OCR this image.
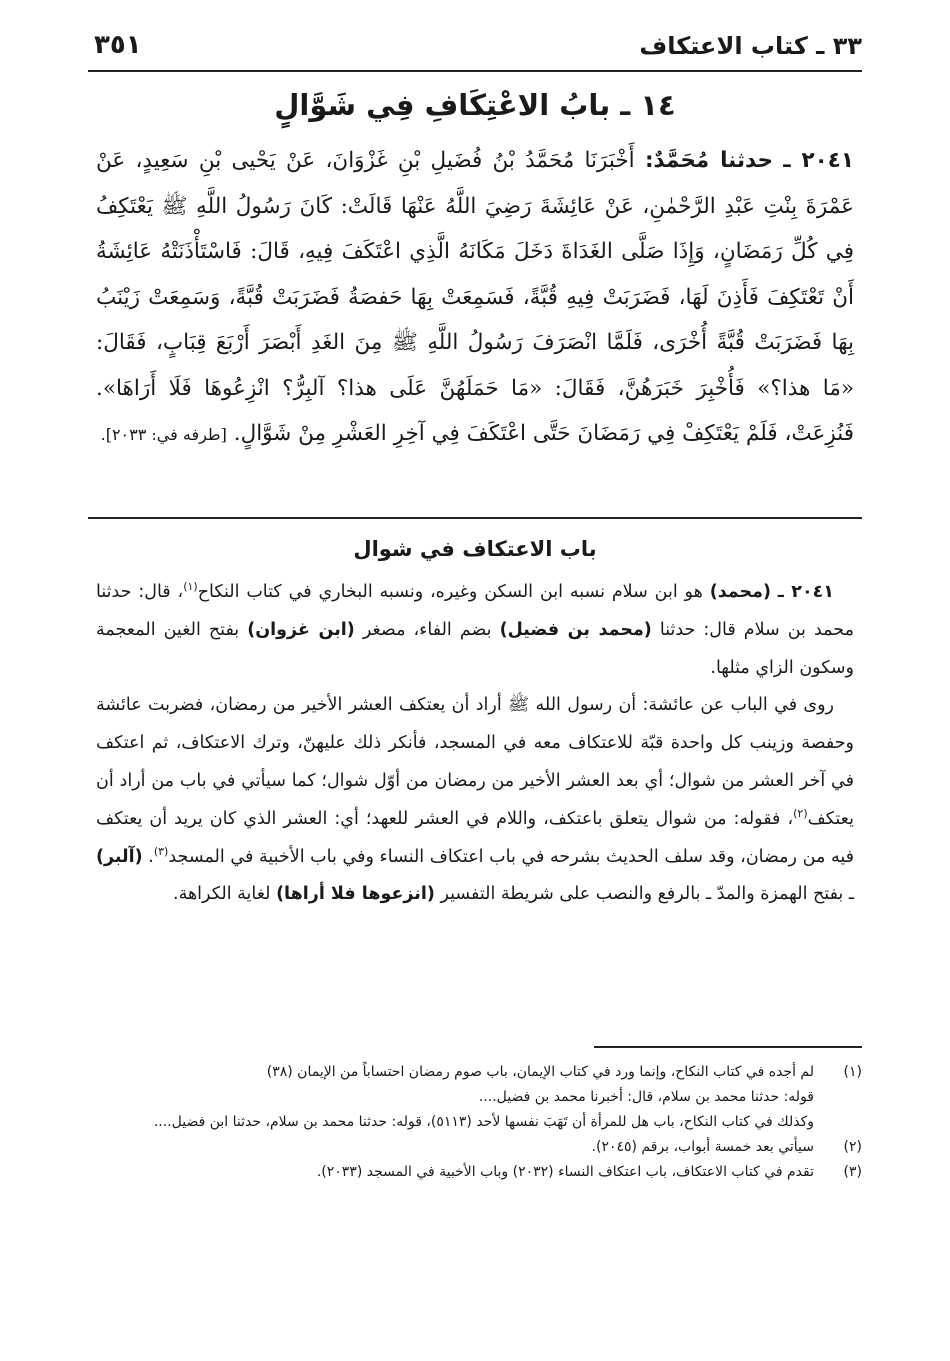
٣٣ ـ كتاب الاعتكاف
٣٥١
١٤ ـ بابُ الاعْتِكَافِ فِي شَوَّالٍ
٢٠٤١ ـ حدثنا مُحَمَّدٌ: أَخْبَرَنَا مُحَمَّدُ بْنُ فُضَيلِ بْنِ غَزْوَانَ، عَنْ يَحْيى بْنِ سَعِيدٍ، عَنْ عَمْرَةَ بِنْتِ عَبْدِ الرَّحْمٰنِ، عَنْ عَائِشَةَ رَضِيَ اللَّهُ عَنْهَا قَالَتْ: كَانَ رَسُولُ اللَّهِ ﷺ يَعْتَكِفُ فِي كُلِّ رَمَضَانٍ، وَإِذَا صَلَّى الغَدَاةَ دَخَلَ مَكَانَهُ الَّذِي اعْتَكَفَ فِيهِ، قَالَ: فَاسْتَأْذَنَتْهُ عَائِشَةُ أَنْ تَعْتَكِفَ فَأَذِنَ لَهَا، فَضَرَبَتْ فِيهِ قُبَّةً، فَسَمِعَتْ بِهَا حَفصَةُ فَضَرَبَتْ قُبَّةً، وَسَمِعَتْ زَيْنَبُ بِهَا فَضَرَبَتْ قُبَّةً أُخْرَى، فَلَمَّا انْصَرَفَ رَسُولُ اللَّهِ ﷺ مِنَ الغَدِ أَبْصَرَ أَرْبَعَ قِبَابٍ، فَقَالَ: «مَا هذا؟» فَأُخْبِرَ خَبَرَهُنَّ، فَقَالَ: «مَا حَمَلَهُنَّ عَلَى هذا؟ آلبِرُّ؟ انْزِعُوهَا فَلَا أَرَاهَا». فَنُزِعَتْ، فَلَمْ يَعْتَكِفْ فِي رَمَضَانَ حَتَّى اعْتَكَفَ فِي آخِرِ العَشْرِ مِنْ شَوَّالٍ. [طرفه في: ٢٠٣٣].
باب الاعتكاف في شوال

٢٠٤١ ـ (محمد) هو ابن سلام نسبه ابن السكن وغيره، ونسبه البخاري في كتاب النكاح$^{(١)}$، قال: حدثنا محمد بن سلام قال: حدثنا (محمد بن فضيل) بضم الفاء، مصغر (ابن غزوان) بفتح الغين المعجمة وسكون الزاي مثلها.

روى في الباب عن عائشة: أن رسول الله ﷺ أراد أن يعتكف العشر الأخير من رمضان، فضربت عائشة وحفصة وزينب كل واحدة قبّة للاعتكاف معه في المسجد، فأنكر ذلك عليهنّ، وترك الاعتكاف، ثم اعتكف في آخر العشر من شوال؛ أي بعد العشر الأخير من رمضان من أوّل شوال؛ كما سيأتي في باب من أراد أن يعتكف$^{(٢)}$، فقوله: من شوال يتعلق باعتكف، واللام في العشر للعهد؛ أي: العشر الذي كان يريد أن يعتكف فيه من رمضان، وقد سلف الحديث بشرحه في باب اعتكاف النساء وفي باب الأخبية في المسجد$^{(٣)}$. (آلبر) ـ بفتح الهمزة والمدّ ـ بالرفع والنصب على شريطة التفسير (انزعوها فلا أراها) لغاية الكراهة.

(١)
لم أجده في كتاب النكاح، وإنما ورد في كتاب الإيمان، باب صوم رمضان احتساباً من الإيمان (٣٨)
قوله: حدثنا محمد بن سلام، قال: أخبرنا محمد بن فضيل....
وكذلك في كتاب النكاح، باب هل للمرأة أن تَهَبَ نفسها لأحد (٥١١٣)، قوله: حدثنا محمد بن سلام، حدثنا ابن فضيل....
(٢)
سيأتي بعد خمسة أبواب، برقم (٢٠٤٥).
(٣)
تقدم في كتاب الاعتكاف، باب اعتكاف النساء (٢٠٣٢) وباب الأخبية في المسجد (٢٠٣٣).
